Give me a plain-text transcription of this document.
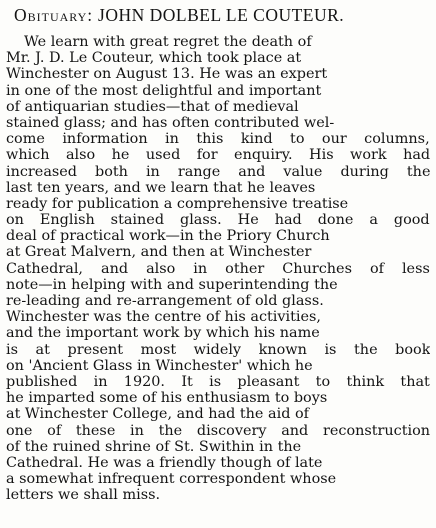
Obituary: JOHN DOLBEL LE COUTEUR.
We learn with great regret the death of
Mr. J. D. Le Couteur, which took place at
Winchester on August 13. He was an expert
in one of the most delightful and important
of antiquarian studies—that of medieval
stained glass; and has often contributed wel-
come information in this kind to our columns,
which also he used for enquiry. His work had
increased both in range and value during the
last ten years, and we learn that he leaves
ready for publication a comprehensive treatise
on English stained glass. He had done a good
deal of practical work—in the Priory Church
at Great Malvern, and then at Winchester
Cathedral, and also in other Churches of less
note—in helping with and superintending the
re-leading and re-arrangement of old glass.
Winchester was the centre of his activities,
and the important work by which his name
is at present most widely known is the book
on 'Ancient Glass in Winchester' which he
published in 1920. It is pleasant to think that
he imparted some of his enthusiasm to boys
at Winchester College, and had the aid of
one of these in the discovery and reconstruction
of the ruined shrine of St. Swithin in the
Cathedral. He was a friendly though of late
a somewhat infrequent correspondent whose
letters we shall miss.
